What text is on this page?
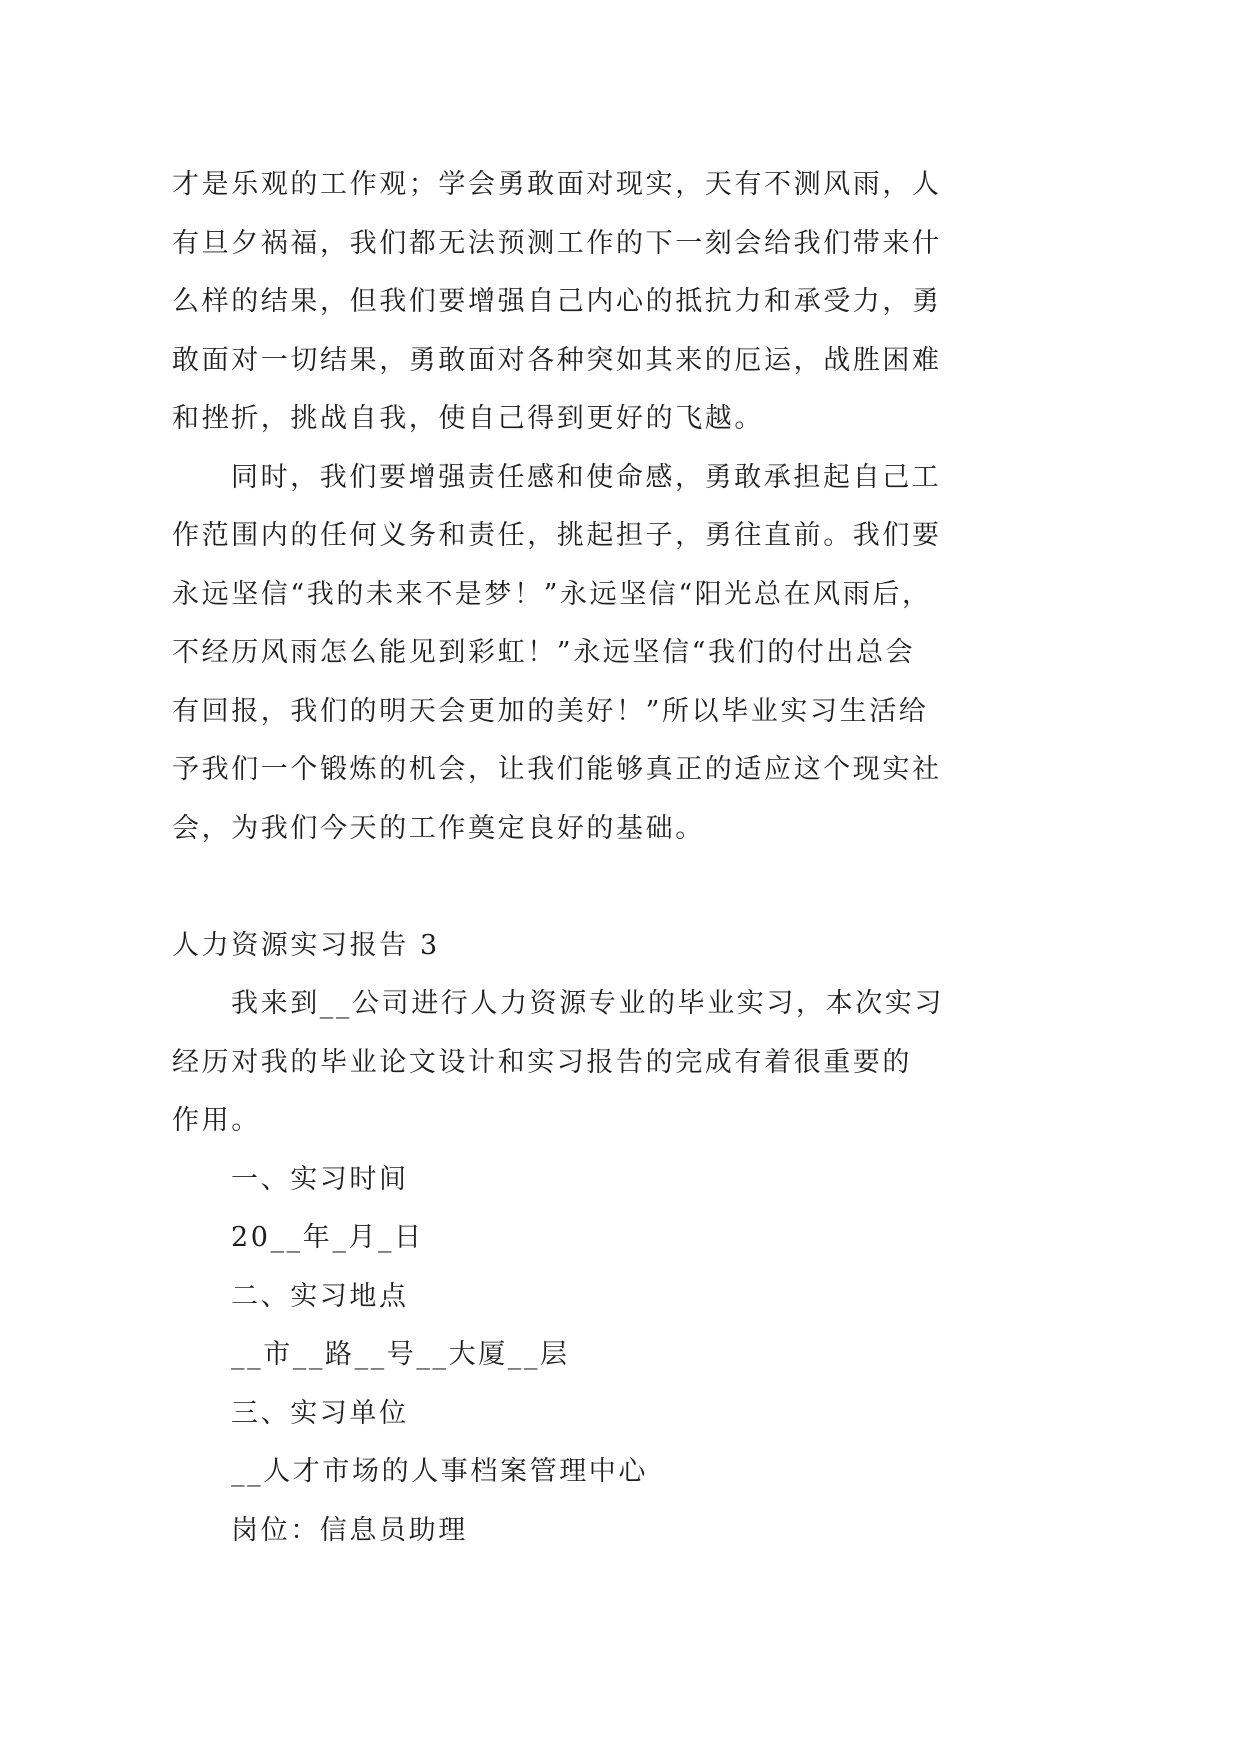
才是乐观的工作观；学会勇敢面对现实，天有不测风雨，人
有旦夕祸福，我们都无法预测工作的下一刻会给我们带来什
么样的结果，但我们要增强自己内心的抵抗力和承受力，勇
敢面对一切结果，勇敢面对各种突如其来的厄运，战胜困难
和挫折，挑战自我，使自己得到更好的飞越。
同时，我们要增强责任感和使命感，勇敢承担起自己工
作范围内的任何义务和责任，挑起担子，勇往直前。我们要
永远坚信“我的未来不是梦！”永远坚信“阳光总在风雨后，
不经历风雨怎么能见到彩虹！”永远坚信“我们的付出总会
有回报，我们的明天会更加的美好！”所以毕业实习生活给
予我们一个锻炼的机会，让我们能够真正的适应这个现实社
会，为我们今天的工作奠定良好的基础。
人力资源实习报告 3
我来到__公司进行人力资源专业的毕业实习，本次实习
经历对我的毕业论文设计和实习报告的完成有着很重要的
作用。
一、实习时间
20__年_月_日
二、实习地点
__市__路__号__大厦__层
三、实习单位
__人才市场的人事档案管理中心
岗位：信息员助理
